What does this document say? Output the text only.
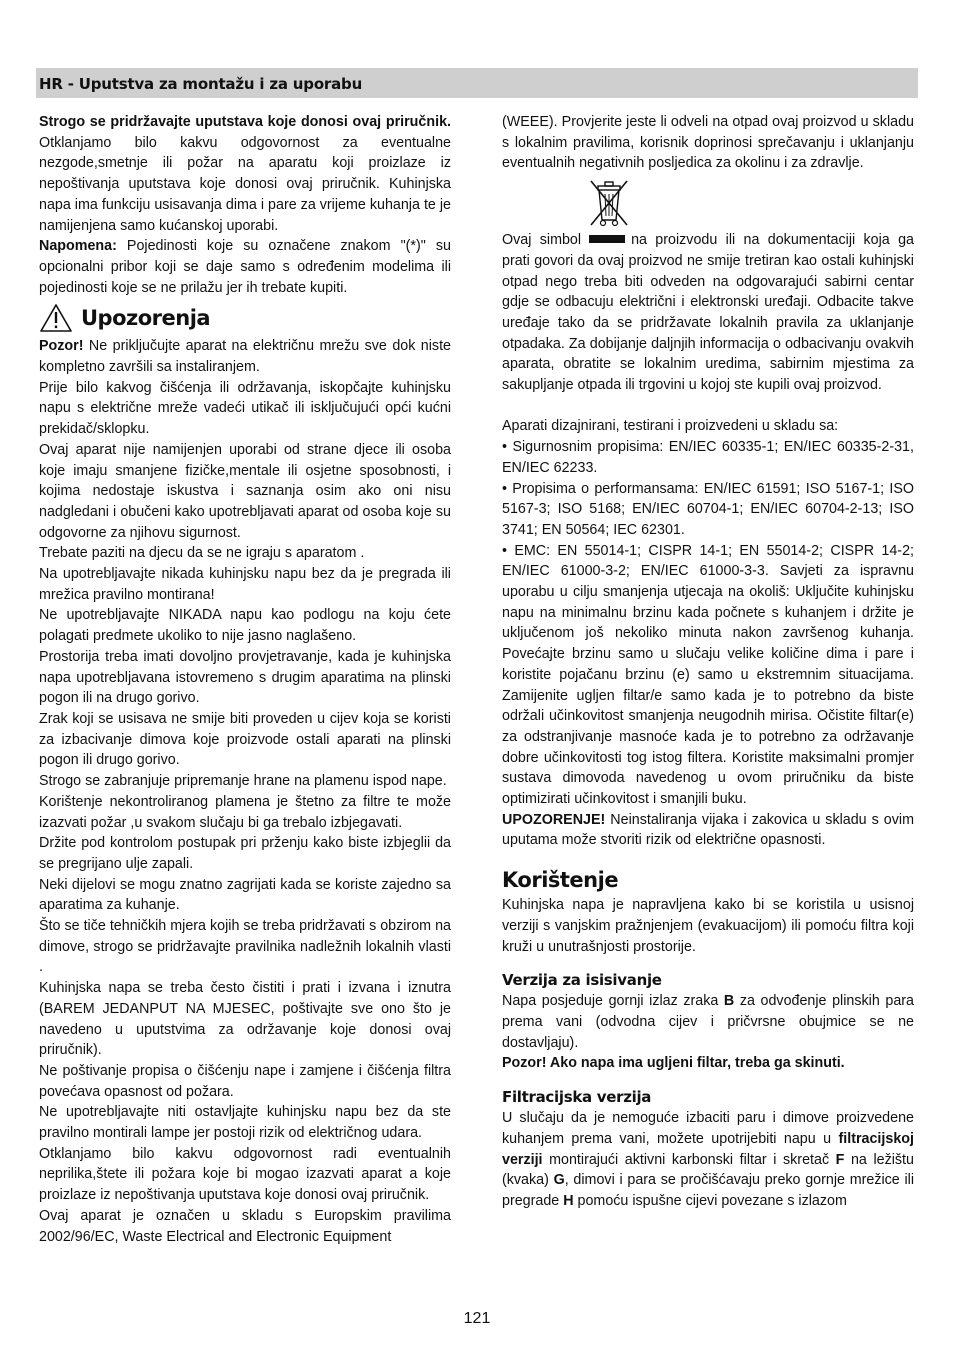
HR - Uputstva za montažu i za uporabu

Strogo se pridržavajte uputstava koje donosi ovaj priručnik. Otklanjamo bilo kakvu odgovornost za eventualne nezgode,smetnje ili požar na aparatu koji proizlaze iz nepoštivanja uputstava koje donosi ovaj priručnik. Kuhinjska napa ima funkciju usisavanja dima i pare za vrijeme kuhanja te je namijenjena samo kućanskoj uporabi.

Napomena: Pojedinosti koje su označene znakom "(*)" su opcionalni pribor koji se daje samo s određenim modelima ili pojedinosti koje se ne prilažu jer ih trebate kupiti.

Upozorenja

Pozor! Ne priključujte aparat na električnu mrežu sve dok niste kompletno završili sa instaliranjem.

Prije bilo kakvog čišćenja ili održavanja, iskopčajte kuhinjsku napu s električne mreže vadeći utikač ili isključujući opći kućni prekidač/sklopku.

Ovaj aparat nije namijenjen uporabi od strane djece ili osoba koje imaju smanjene fizičke,mentale ili osjetne sposobnosti, i kojima nedostaje iskustva i saznanja osim ako oni nisu nadgledani i obučeni kako upotrebljavati aparat od osoba koje su odgovorne za njihovu sigurnost.

Trebate paziti na djecu da se ne igraju s aparatom .

Na upotrebljavajte nikada kuhinjsku napu bez da je pregrada ili mrežica pravilno montirana!

Ne upotrebljavajte NIKADA napu kao podlogu na koju ćete polagati predmete ukoliko to nije jasno naglašeno.

Prostorija treba imati dovoljno provjetravanje, kada je kuhinjska napa upotrebljavana istovremeno s drugim aparatima na plinski pogon ili na drugo gorivo.

Zrak koji se usisava ne smije biti proveden u cijev koja se koristi za izbacivanje dimova koje proizvode ostali aparati na plinski pogon ili drugo gorivo.

Strogo se zabranjuje pripremanje hrane na plamenu ispod nape.

Korištenje nekontroliranog plamena je štetno za filtre te može izazvati požar ,u svakom slučaju bi ga trebalo izbjegavati.

Držite pod kontrolom postupak pri prženju kako biste izbjeglii da se pregrijano ulje zapali.

Neki dijelovi se mogu znatno zagrijati kada se koriste zajedno sa aparatima za kuhanje.

Što se tiče tehničkih mjera kojih se treba pridržavati s obzirom na dimove, strogo se pridržavajte pravilnika nadležnih lokalnih vlasti .

Kuhinjska napa se treba često čistiti i prati i izvana i iznutra (BAREM JEDANPUT NA MJESEC, poštivajte sve ono što je navedeno u uputstvima za održavanje koje donosi ovaj priručnik).

Ne poštivanje propisa o čišćenju nape i zamjene i čišćenja filtra povećava opasnost od požara.

Ne upotrebljavajte niti ostavljajte kuhinjsku napu bez da ste pravilno montirali lampe jer postoji rizik od električnog udara.

Otklanjamo bilo kakvu odgovornost radi eventualnih neprilika,štete ili požara koje bi mogao izazvati aparat a koje proizlaze iz nepoštivanja uputstava koje donosi ovaj priručnik.

Ovaj aparat je označen u skladu s Europskim pravilima 2002/96/EC, Waste Electrical and Electronic Equipment

(WEEE). Provjerite jeste li odveli na otpad ovaj proizvod u skladu s lokalnim pravilima, korisnik doprinosi sprečavanju i uklanjanju eventualnih negativnih posljedica za okolinu i za zdravlje.

Ovaj simbol	na proizvodu ili na dokumentaciji koja ga prati govori da ovaj proizvod ne smije tretiran kao ostali kuhinjski otpad nego treba biti odveden na odgovarajući sabirni centar gdje se odbacuju električni i elektronski uređaji. Odbacite takve uređaje tako da se pridržavate lokalnih pravila za uklanjanje otpadaka. Za dobijanje daljnjih informacija o odbacivanju ovakvih aparata, obratite se lokalnim uredima, sabirnim mjestima za sakupljanje otpada ili trgovini u kojoj ste kupili ovaj proizvod.

Aparati dizajnirani, testirani i proizvedeni u skladu sa:

• Sigurnosnim propisima: EN/IEC 60335-1; EN/IEC 60335-2-31, EN/IEC 62233.

• Propisima o performansama: EN/IEC 61591; ISO 5167-1; ISO 5167-3; ISO 5168; EN/IEC 60704-1; EN/IEC 60704-2-13; ISO 3741; EN 50564; IEC 62301.

• EMC: EN 55014-1; CISPR 14-1; EN 55014-2; CISPR 14-2; EN/IEC 61000-3-2; EN/IEC 61000-3-3. Savjeti za ispravnu uporabu u cilju smanjenja utjecaja na okoliš: Uključite kuhinjsku napu na minimalnu brzinu kada počnete s kuhanjem i držite je uključenom još nekoliko minuta nakon završenog kuhanja. Povećajte brzinu samo u slučaju velike količine dima i pare i koristite pojačanu brzinu (e) samo u ekstremnim situacijama. Zamijenite ugljen filtar/e samo kada je to potrebno da biste održali učinkovitost smanjenja neugodnih mirisa. Očistite filtar(e) za odstranjivanje masnoće kada je to potrebno za održavanje dobre učinkovitosti tog istog filtera. Koristite maksimalni promjer sustava dimovoda navedenog u ovom priručniku da biste optimizirati učinkovitost i smanjili buku.

UPOZORENJE! Neinstaliranja vijaka i zakovica u skladu s ovim uputama može stvoriti rizik od električne opasnosti.

Korištenje

Kuhinjska napa je napravljena kako bi se koristila u usisnoj verziji s vanjskim pražnjenjem (evakuacijom) ili pomoću filtra koji kruži u unutrašnjosti prostorije.

Verzija za isisivanje

Napa posjeduje gornji izlaz zraka B za odvođenje plinskih para prema vani (odvodna cijev i pričvrsne obujmice se ne dostavljaju).

Pozor! Ako napa ima ugljeni filtar, treba ga skinuti.

Filtracijska verzija

U slučaju da je nemoguće izbaciti paru i dimove proizvedene kuhanjem prema vani, možete upotrijebiti napu u filtracijskoj verziji montirajući aktivni karbonski filtar i skretač F na ležištu (kvaka) G, dimovi i para se pročišćavaju preko gornje mrežice ili pregrade H pomoću ispušne cijevi povezane s izlazom

121
